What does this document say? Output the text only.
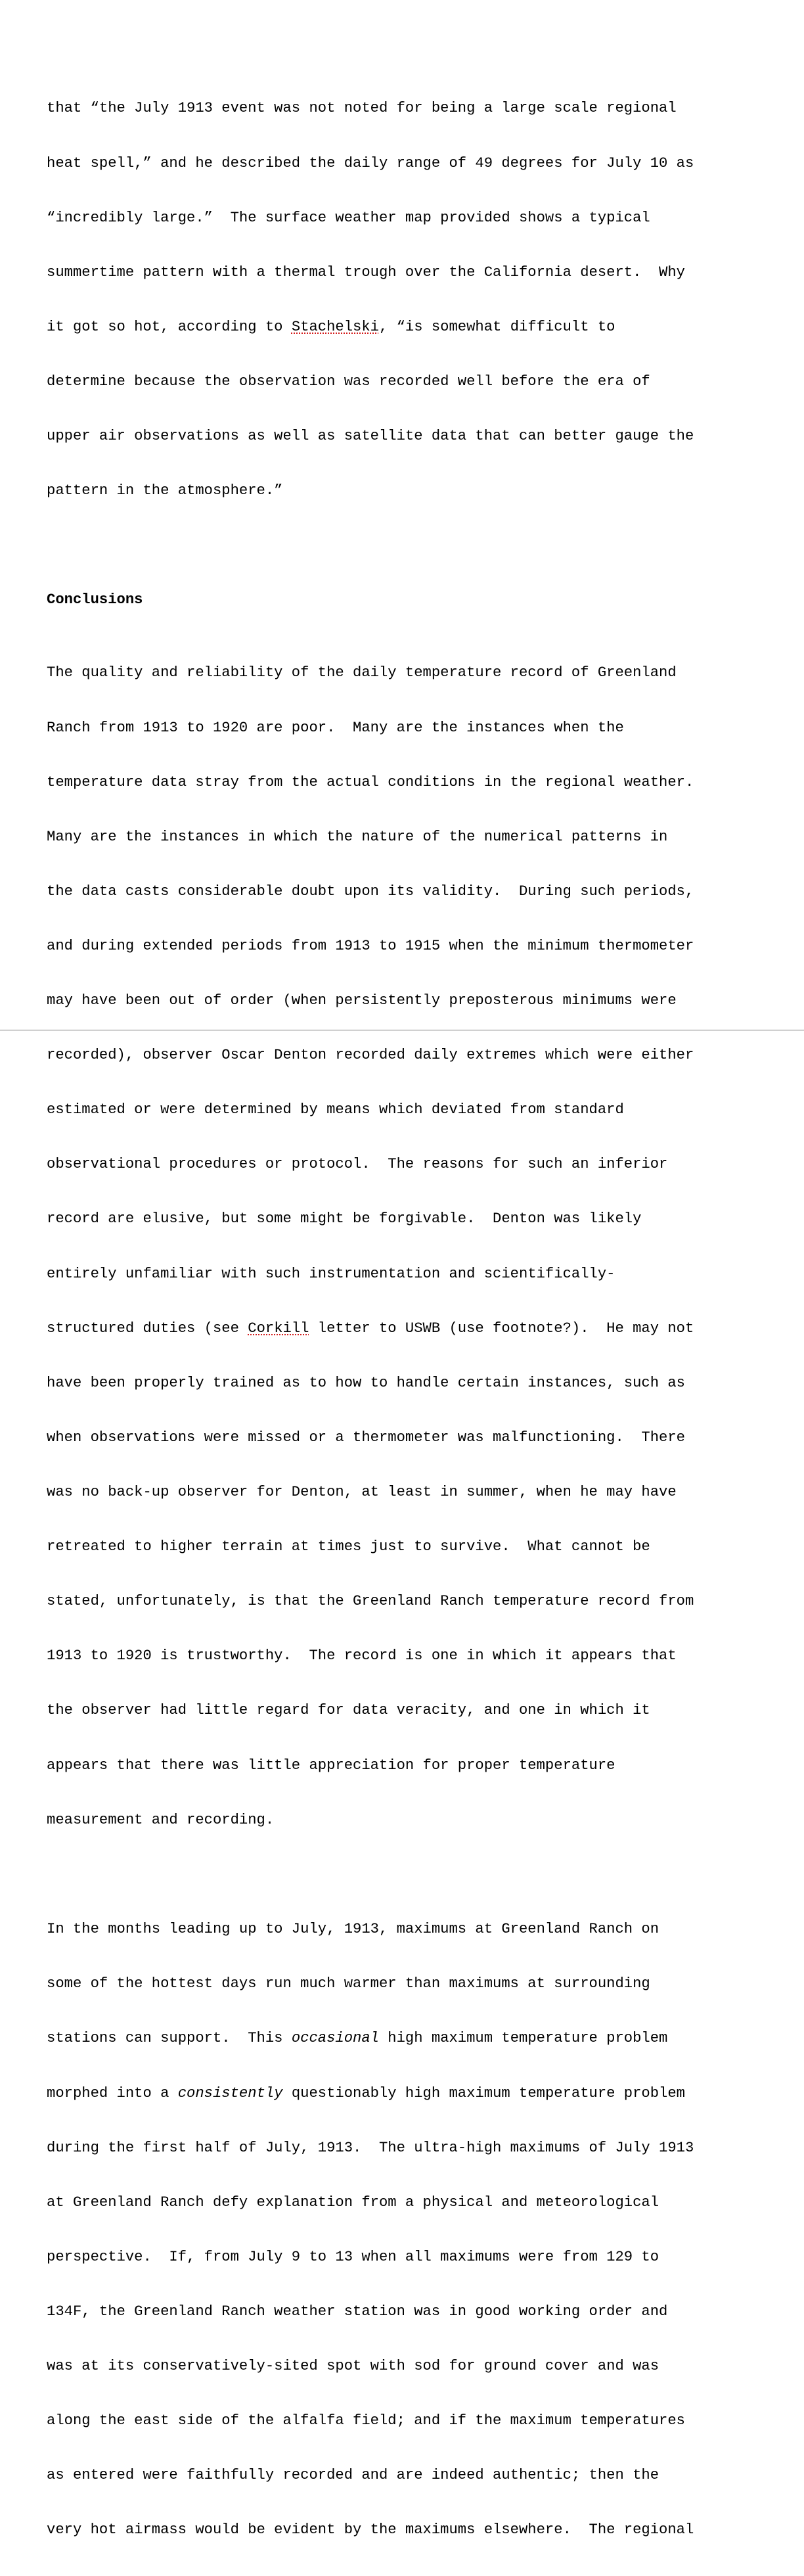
that “the July 1913 event was not noted for being a large scale regional

heat spell,” and he described the daily range of 49 degrees for July 10 as

“incredibly large.”  The surface weather map provided shows a typical

summertime pattern with a thermal trough over the California desert.  Why

it got so hot, according to Stachelski, “is somewhat difficult to

determine because the observation was recorded well before the era of

upper air observations as well as satellite data that can better gauge the

pattern in the atmosphere.”

Conclusions

The quality and reliability of the daily temperature record of Greenland

Ranch from 1913 to 1920 are poor.  Many are the instances when the

temperature data stray from the actual conditions in the regional weather.

Many are the instances in which the nature of the numerical patterns in

the data casts considerable doubt upon its validity.  During such periods,

and during extended periods from 1913 to 1915 when the minimum thermometer

may have been out of order (when persistently preposterous minimums were

recorded), observer Oscar Denton recorded daily extremes which were either

estimated or were determined by means which deviated from standard

observational procedures or protocol.  The reasons for such an inferior

record are elusive, but some might be forgivable.  Denton was likely

entirely unfamiliar with such instrumentation and scientifically-

structured duties (see Corkill letter to USWB (use footnote?).  He may not

have been properly trained as to how to handle certain instances, such as

when observations were missed or a thermometer was malfunctioning.  There

was no back-up observer for Denton, at least in summer, when he may have

retreated to higher terrain at times just to survive.  What cannot be

stated, unfortunately, is that the Greenland Ranch temperature record from

1913 to 1920 is trustworthy.  The record is one in which it appears that

the observer had little regard for data veracity, and one in which it

appears that there was little appreciation for proper temperature

measurement and recording.

In the months leading up to July, 1913, maximums at Greenland Ranch on

some of the hottest days run much warmer than maximums at surrounding

stations can support.  This occasional high maximum temperature problem

morphed into a consistently questionably high maximum temperature problem

during the first half of July, 1913.  The ultra-high maximums of July 1913

at Greenland Ranch defy explanation from a physical and meteorological

perspective.  If, from July 9 to 13 when all maximums were from 129 to

134F, the Greenland Ranch weather station was in good working order and

was at its conservatively-sited spot with sod for ground cover and was

along the east side of the alfalfa field; and if the maximum temperatures

as entered were faithfully recorded and are indeed authentic; then the

very hot airmass would be evident by the maximums elsewhere.  The regional
